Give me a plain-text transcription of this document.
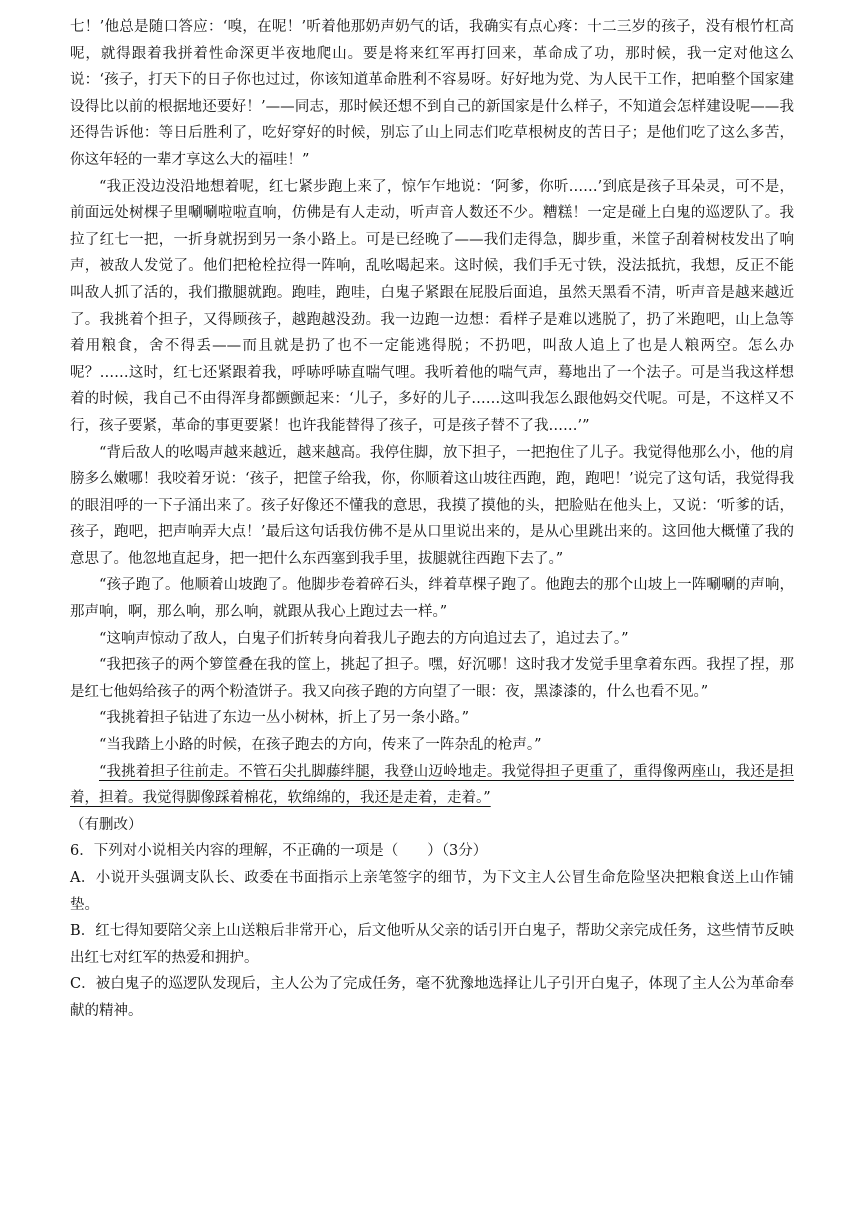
七！’他总是随口答应：‘嗅，在呢！’听着他那奶声奶气的话，我确实有点心疼：十二三岁的孩子，没有根竹杠高呢，就得跟着我拼着性命深更半夜地爬山。要是将来红军再打回来，革命成了功，那时候，我一定对他这么说：‘孩子，打天下的日子你也过过，你该知道革命胜利不容易呀。好好地为党、为人民干工作，把咱整个国家建设得比以前的根据地还要好！’——同志，那时候还想不到自己的新国家是什么样子，不知道会怎样建设呢——我还得告诉他：等日后胜利了，吃好穿好的时候，别忘了山上同志们吃草根树皮的苦日子；是他们吃了这么多苦，你这年轻的一辈才享这么大的福哇！”

“我正没边没沿地想着呢，红七紧步跑上来了，惊乍乍地说：‘阿爹，你听……’到底是孩子耳朵灵，可不是，前面远处树棵子里唰唰啦啦直响，仿佛是有人走动，听声音人数还不少。糟糕！一定是碰上白鬼的巡逻队了。我拉了红七一把，一折身就拐到另一条小路上。可是已经晚了——我们走得急，脚步重，米筐子刮着树枝发出了响声，被敌人发觉了。他们把枪栓拉得一阵响，乱吆喝起来。这时候，我们手无寸铁，没法抵抗，我想，反正不能叫敌人抓了活的，我们撒腿就跑。跑哇，跑哇，白鬼子紧跟在屁股后面追，虽然天黑看不清，听声音是越来越近了。我挑着个担子，又得顾孩子，越跑越没劲。我一边跑一边想：看样子是难以逃脱了，扔了米跑吧，山上急等着用粮食，舍不得丢——而且就是扔了也不一定能逃得脱；不扔吧，叫敌人追上了也是人粮两空。怎么办呢？……这时，红七还紧跟着我，呼哧呼哧直喘气哩。我听着他的喘气声，蓦地出了一个法子。可是当我这样想着的时候，我自己不由得浑身都颤颤起来：‘儿子，多好的儿子……这叫我怎么跟他妈交代呢。可是，不这样又不行，孩子要紧，革命的事更要紧！也许我能替得了孩子，可是孩子替不了我……’”

“背后敌人的吆喝声越来越近，越来越高。我停住脚，放下担子，一把抱住了儿子。我觉得他那么小，他的肩膀多么嫩哪！我咬着牙说：‘孩子，把筐子给我，你，你顺着这山坡往西跑，跑，跑吧！’说完了这句话，我觉得我的眼泪呼的一下子涌出来了。孩子好像还不懂我的意思，我摸了摸他的头，把脸贴在他头上，又说：‘听爹的话，孩子，跑吧，把声响弄大点！’最后这句话我仿佛不是从口里说出来的，是从心里跳出来的。这回他大概懂了我的意思了。他忽地直起身，把一把什么东西塞到我手里，拔腿就往西跑下去了。”

“孩子跑了。他顺着山坡跑了。他脚步卷着碎石头，绊着草棵子跑了。他跑去的那个山坡上一阵唰唰的声响，那声响，啊，那么响，那么响，就跟从我心上跑过去一样。”

“这响声惊动了敌人，白鬼子们折转身向着我儿子跑去的方向追过去了，追过去了。”

“我把孩子的两个箩筐叠在我的筐上，挑起了担子。嘿，好沉哪！这时我才发觉手里拿着东西。我捏了捏，那是红七他妈给孩子的两个粉渣饼子。我又向孩子跑的方向望了一眼：夜，黑漆漆的，什么也看不见。”

“我挑着担子钻进了东边一丛小树林，折上了另一条小路。”

“当我踏上小路的时候，在孩子跑去的方向，传来了一阵杂乱的枪声。”

“我挑着担子往前走。不管石尖扎脚藤绊腿，我登山迈岭地走。我觉得担子更重了，重得像两座山，我还是担着，担着。我觉得脚像踩着棉花，软绵绵的，我还是走着，走着。”

（有删改）

6．下列对小说相关内容的理解，不正确的一项是（　　）（3分）

A．小说开头强调支队长、政委在书面指示上亲笔签字的细节，为下文主人公冒生命危险坚决把粮食送上山作铺垫。

B．红七得知要陪父亲上山送粮后非常开心，后文他听从父亲的话引开白鬼子，帮助父亲完成任务，这些情节反映出红七对红军的热爱和拥护。

C．被白鬼子的巡逻队发现后，主人公为了完成任务，毫不犹豫地选择让儿子引开白鬼子，体现了主人公为革命奉献的精神。
